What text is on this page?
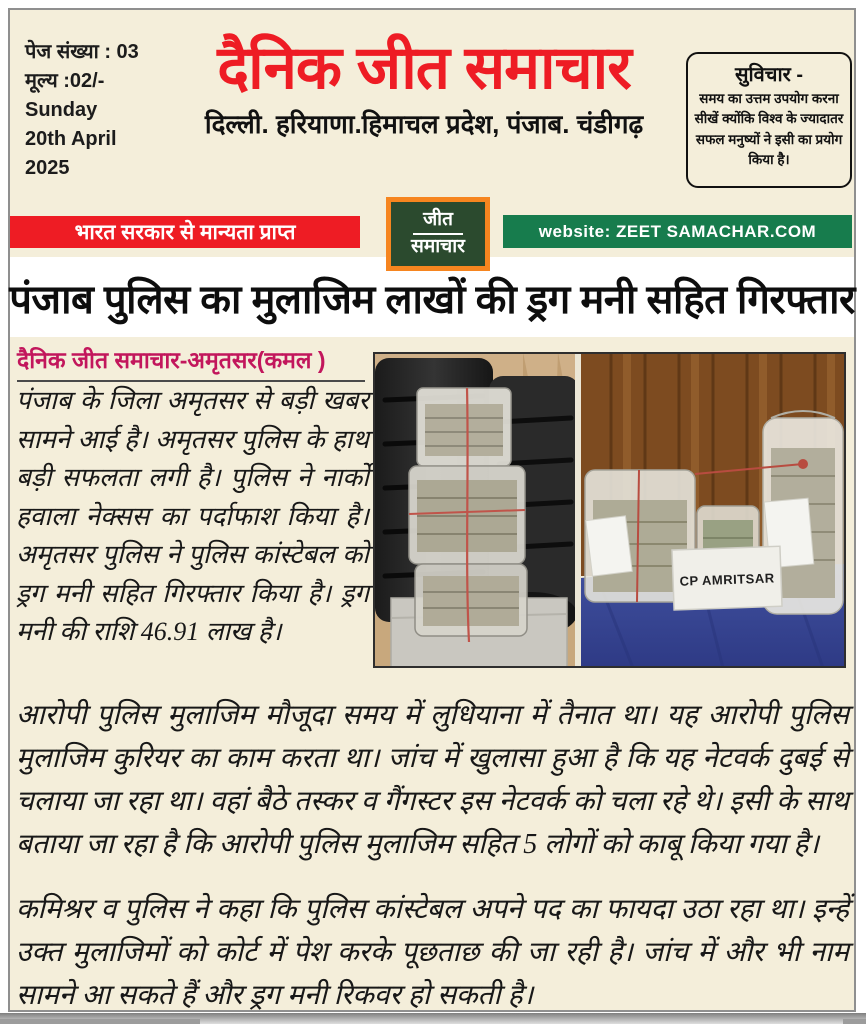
पेज संख्या : 03
मूल्य :02/-
Sunday
20th April
2025
दैनिक जीत समाचार
दिल्ली. हरियाणा.हिमाचल प्रदेश, पंजाब. चंडीगढ़
सुविचार -
समय का उत्तम उपयोग करना सीखें क्योंकि विश्व के ज्यादातर सफल मनुष्यों ने इसी का प्रयोग किया है।
भारत सरकार से मान्यता प्राप्त
जीत
समाचार
website: ZEET SAMACHAR.COM
पंजाब पुलिस का मुलाजिम लाखों की ड्रग मनी सहित गिरफ्तार
दैनिक जीत समाचार-अमृतसर(कमल )
पंजाब के जिला अमृतसर से बड़ी खबर सामने आई है। अमृतसर पुलिस के हाथ बड़ी सफलता लगी है। पुलिस ने नार्को हवाला नेक्सस का पर्दाफाश किया है। अमृतसर पुलिस ने पुलिस कांस्टेबल को ड्रग मनी सहित गिरफ्तार किया है। ड्रग मनी की राशि 46.91 लाख है।
CP AMRITSAR
आरोपी पुलिस मुलाजिम मौजूदा समय में लुधियाना में तैनात था। यह आरोपी पुलिस मुलाजिम कुरियर का काम करता था। जांच में खुलासा हुआ है कि यह नेटवर्क दुबई से चलाया जा रहा था। वहां बैठे तस्कर व गैंगस्टर इस नेटवर्क को चला रहे थे। इसी के साथ बताया जा रहा है कि आरोपी पुलिस मुलाजिम सहित 5 लोगों को काबू किया गया है।
कमिश्रर व पुलिस ने कहा कि पुलिस कांस्टेबल अपने पद का फायदा उठा रहा था। इन्हें उक्त मुलाजिमों को कोर्ट में पेश करके पूछताछ की जा रही है। जांच में और भी नाम सामने आ सकते हैं और ड्रग मनी रिकवर हो सकती है।
